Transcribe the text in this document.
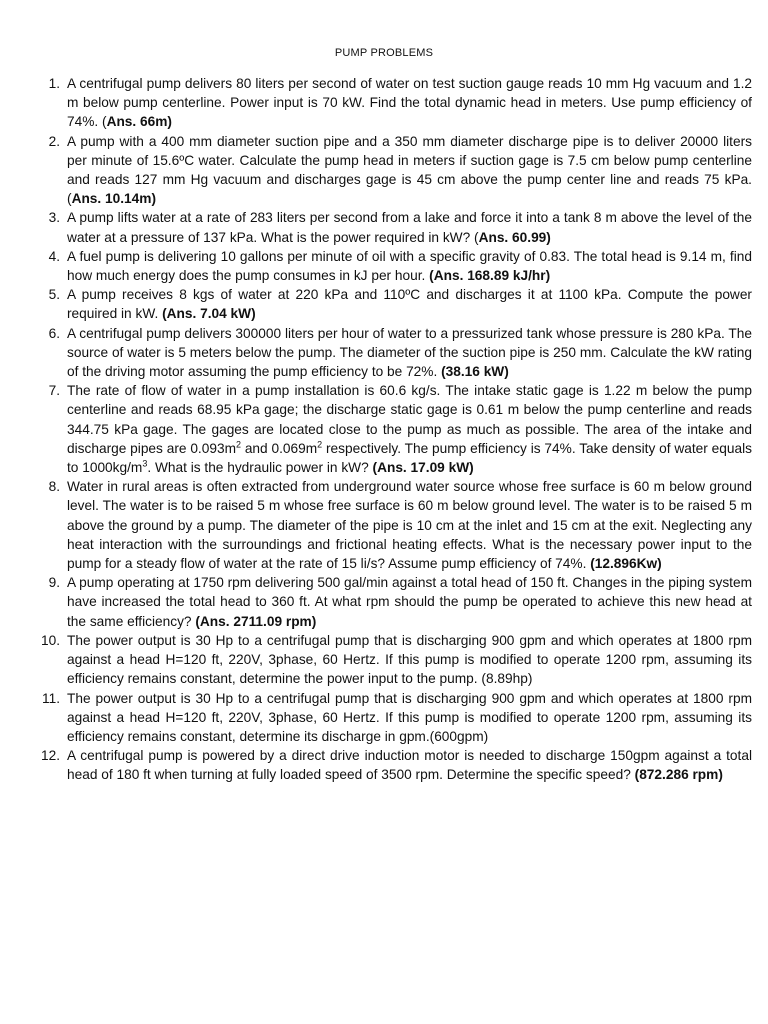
PUMP PROBLEMS
1. A centrifugal pump delivers 80 liters per second of water on test suction gauge reads 10 mm Hg vacuum and 1.2 m below pump centerline. Power input is 70 kW. Find the total dynamic head in meters. Use pump efficiency of 74%. (Ans. 66m)
2. A pump with a 400 mm diameter suction pipe and a 350 mm diameter discharge pipe is to deliver 20000 liters per minute of 15.6ºC water. Calculate the pump head in meters if suction gage is 7.5 cm below pump centerline and reads 127 mm Hg vacuum and discharges gage is 45 cm above the pump center line and reads 75 kPa. (Ans. 10.14m)
3. A pump lifts water at a rate of 283 liters per second from a lake and force it into a tank 8 m above the level of the water at a pressure of 137 kPa. What is the power required in kW? (Ans. 60.99)
4. A fuel pump is delivering 10 gallons per minute of oil with a specific gravity of 0.83. The total head is 9.14 m, find how much energy does the pump consumes in kJ per hour. (Ans. 168.89 kJ/hr)
5. A pump receives 8 kgs of water at 220 kPa and 110ºC and discharges it at 1100 kPa. Compute the power required in kW. (Ans. 7.04 kW)
6. A centrifugal pump delivers 300000 liters per hour of water to a pressurized tank whose pressure is 280 kPa. The source of water is 5 meters below the pump. The diameter of the suction pipe is 250 mm. Calculate the kW rating of the driving motor assuming the pump efficiency to be 72%. (38.16 kW)
7. The rate of flow of water in a pump installation is 60.6 kg/s. The intake static gage is 1.22 m below the pump centerline and reads 68.95 kPa gage; the discharge static gage is 0.61 m below the pump centerline and reads 344.75 kPa gage. The gages are located close to the pump as much as possible. The area of the intake and discharge pipes are $0.093m^2$ and $0.069m^2$ respectively. The pump efficiency is 74%. Take density of water equals to $1000kg/m^3$. What is the hydraulic power in kW? (Ans. 17.09 kW)
8. Water in rural areas is often extracted from underground water source whose free surface is 60 m below ground level. The water is to be raised 5 m whose free surface is 60 m below ground level. The water is to be raised 5 m above the ground by a pump. The diameter of the pipe is 10 cm at the inlet and 15 cm at the exit. Neglecting any heat interaction with the surroundings and frictional heating effects. What is the necessary power input to the pump for a steady flow of water at the rate of 15 li/s? Assume pump efficiency of 74%. (12.896Kw)
9. A pump operating at 1750 rpm delivering 500 gal/min against a total head of 150 ft. Changes in the piping system have increased the total head to 360 ft. At what rpm should the pump be operated to achieve this new head at the same efficiency? (Ans. 2711.09 rpm)
10. The power output is 30 Hp to a centrifugal pump that is discharging 900 gpm and which operates at 1800 rpm against a head H=120 ft, 220V, 3phase, 60 Hertz. If this pump is modified to operate 1200 rpm, assuming its efficiency remains constant, determine the power input to the pump. (8.89hp)
11. The power output is 30 Hp to a centrifugal pump that is discharging 900 gpm and which operates at 1800 rpm against a head H=120 ft, 220V, 3phase, 60 Hertz. If this pump is modified to operate 1200 rpm, assuming its efficiency remains constant, determine its discharge in gpm.(600gpm)
12. A centrifugal pump is powered by a direct drive induction motor is needed to discharge 150gpm against a total head of 180 ft when turning at fully loaded speed of 3500 rpm. Determine the specific speed? (872.286 rpm)
